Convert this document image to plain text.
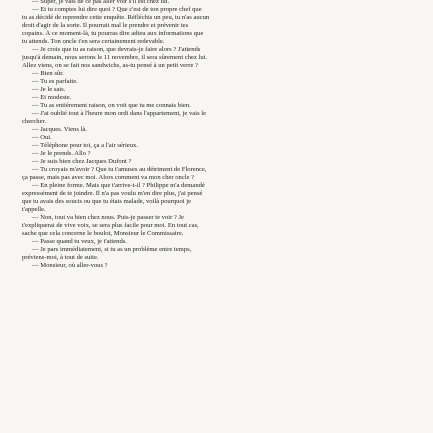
— Super, je vais de ce pas aller voir s'il est chez lui.
— Et tu comptes lui dire quoi ? Que c'est de ton propre chef que
tu as décidé de reprendre cette enquête. Réfléchis un peu, tu n'as aucun
droit d'agir de la sorte. Il pourrait mal le prendre et prévenir tes
copains. À ce moment-là, tu pourras dire adieu aux informations que
tu attends. Ton oncle t'en sera certainement redevable.
— Je crois que tu as raison, que devrais-je faire alors ? J'attends
jusqu'à demain, nous serons le 11 novembre, il sera sûrement chez lui.
Allez viens, on se fait nos sandwichs, as-tu pensé à un petit verre ?
— Bien sûr.
— Tu es parfaite.
— Je le sais.
— Et modeste.
— Tu as entièrement raison, on voit que tu me connais bien.
— J'ai oublié tout à l'heure mon ordi dans l'appartement, je vais le
chercher.
— Jacques. Viens là.
— Oui.
— Téléphone pour toi, ça a l'air sérieux.
— Je le prends. Allo ?
— Je suis bien chez Jacques Dufont ?
— Tu croyais m'avoir ? Que tu t'amuses au détriment de Florence,
ça passe, mais pas avec moi. Alors comment va mon cher oncle ?
— En pleine forme. Mais que t'arrive-t-il ? Philippe m'a demandé
expressément de te joindre. Il n'a pas voulu m'en dire plus, j'ai pensé
que tu avais des soucis ou que tu étais malade, voilà pourquoi je
t'appelle.
— Non, tout va bien chez nous. Puis-je passer te voir ? Je
t'expliquerai de vive voix, se sera plus facile pour moi. En tout cas,
sache que cela concerne le boulot, Monsieur le Commissaire.
— Passe quand tu veux, je t'attends.
— Je pars immédiatement, si tu as un problème entre temps,
préviens-moi, à tout de suite.
— Monsieur, où aller-vous ?
